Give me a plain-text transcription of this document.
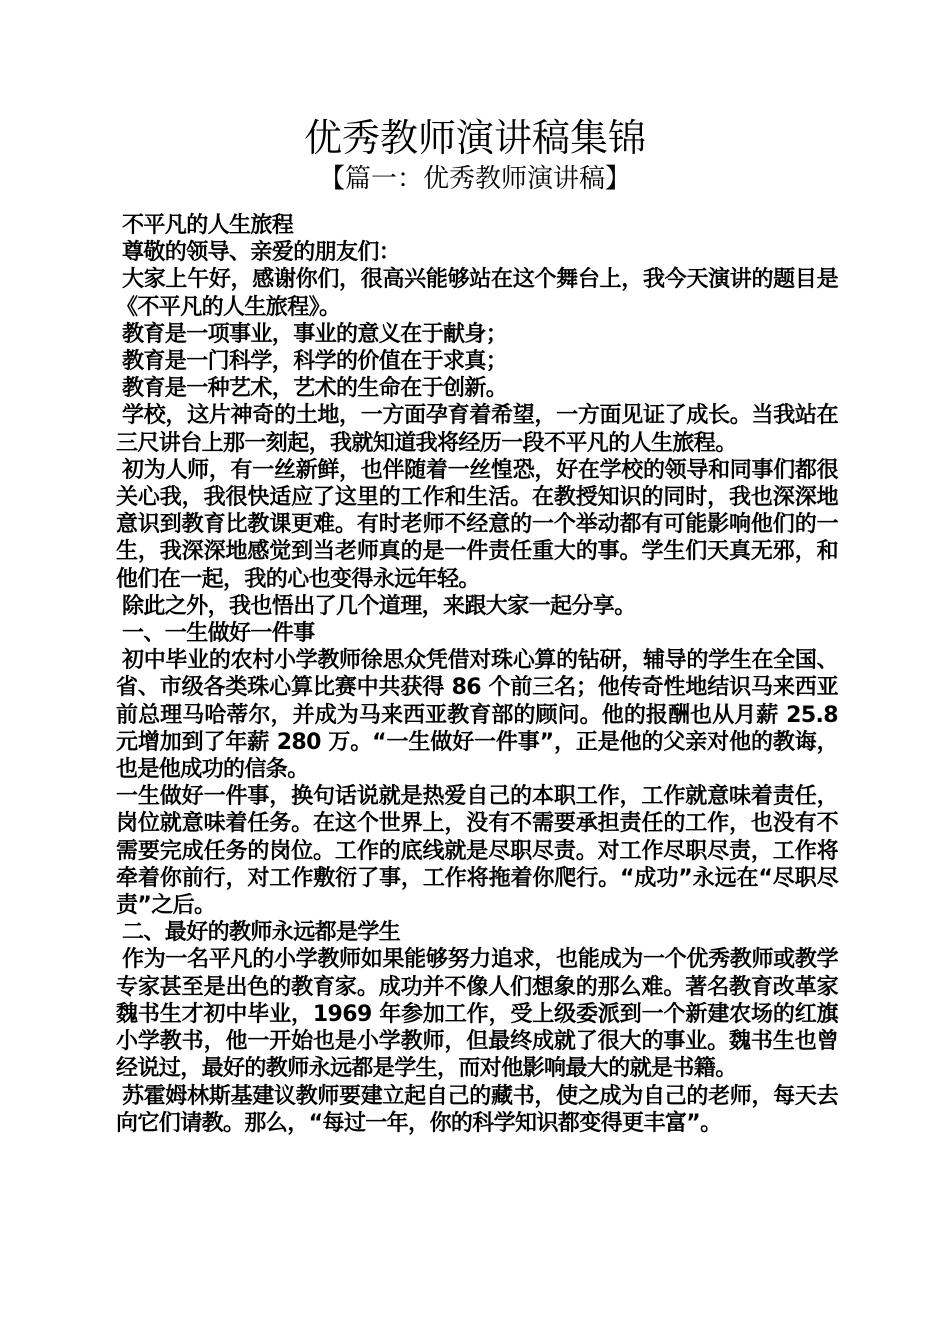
优秀教师演讲稿集锦
【篇一：优秀教师演讲稿】

不平凡的人生旅程

尊敬的领导、亲爱的朋友们：

大家上午好，感谢你们，很高兴能够站在这个舞台上，我今天演讲的题目是《不平凡的人生旅程》。

教育是一项事业，事业的意义在于献身；

教育是一门科学，科学的价值在于求真；

教育是一种艺术，艺术的生命在于创新。

学校，这片神奇的土地，一方面孕育着希望，一方面见证了成长。当我站在三尺讲台上那一刻起，我就知道我将经历一段不平凡的人生旅程。

初为人师，有一丝新鲜，也伴随着一丝惶恐，好在学校的领导和同事们都很关心我，我很快适应了这里的工作和生活。在教授知识的同时，我也深深地意识到教育比教课更难。有时老师不经意的一个举动都有可能影响他们的一生，我深深地感觉到当老师真的是一件责任重大的事。学生们天真无邪，和他们在一起，我的心也变得永远年轻。

除此之外，我也悟出了几个道理，来跟大家一起分享。

一、一生做好一件事

初中毕业的农村小学教师徐思众凭借对珠心算的钻研，辅导的学生在全国、省、市级各类珠心算比赛中共获得 86 个前三名；他传奇性地结识马来西亚前总理马哈蒂尔，并成为马来西亚教育部的顾问。他的报酬也从月薪 25.8 元增加到了年薪 280 万。“一生做好一件事”，正是他的父亲对他的教诲，也是他成功的信条。

一生做好一件事，换句话说就是热爱自己的本职工作，工作就意味着责任，岗位就意味着任务。在这个世界上，没有不需要承担责任的工作，也没有不需要完成任务的岗位。工作的底线就是尽职尽责。对工作尽职尽责，工作将牵着你前行，对工作敷衍了事，工作将拖着你爬行。“成功”永远在“尽职尽责”之后。

二、最好的教师永远都是学生

作为一名平凡的小学教师如果能够努力追求，也能成为一个优秀教师或教学专家甚至是出色的教育家。成功并不像人们想象的那么难。著名教育改革家魏书生才初中毕业，1969 年参加工作，受上级委派到一个新建农场的红旗小学教书，他一开始也是小学教师，但最终成就了很大的事业。魏书生也曾经说过，最好的教师永远都是学生，而对他影响最大的就是书籍。

苏霍姆林斯基建议教师要建立起自己的藏书，使之成为自己的老师，每天去向它们请教。那么，“每过一年，你的科学知识都变得更丰富”。
